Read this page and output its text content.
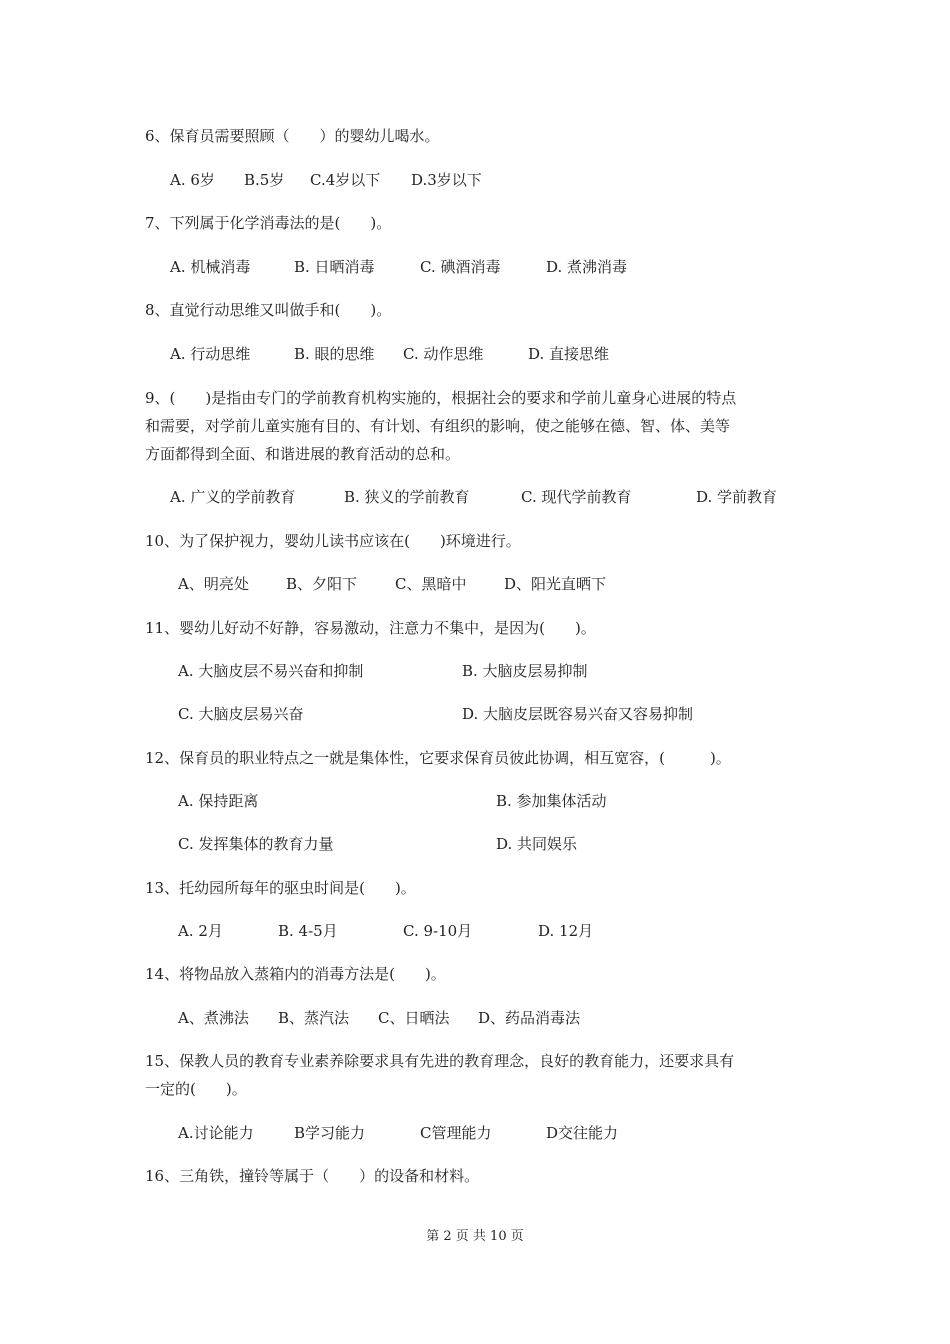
6、保育员需要照顾（　　）的婴幼儿喝水。
A. 6岁 B.5岁 C.4岁以下 D.3岁以下
7、下列属于化学消毒法的是(　　)。
A. 机械消毒	B. 日晒消毒	C. 碘酒消毒	D. 煮沸消毒
8、直觉行动思维又叫做手和(　　)。
A. 行动思维	B. 眼的思维 C. 动作思维	D. 直接思维
9、(　　)是指由专门的学前教育机构实施的，根据社会的要求和学前儿童身心进展的特点
和需要，对学前儿童实施有目的、有计划、有组织的影响，使之能够在德、智、体、美等
方面都得到全面、和谐进展的教育活动的总和。
A. 广义的学前教育	B. 狭义的学前教育	C. 现代学前教育	D. 学前教育
10、为了保护视力，婴幼儿读书应该在(　　)环境进行。
A、明亮处 B、夕阳下	C、黑暗中	D、阳光直晒下
11、婴幼儿好动不好静，容易激动，注意力不集中，是因为(　　)。
A. 大脑皮层不易兴奋和抑制	B. 大脑皮层易抑制
C. 大脑皮层易兴奋	D. 大脑皮层既容易兴奋又容易抑制
12、保育员的职业特点之一就是集体性，它要求保育员彼此协调，相互宽容，(　　　)。
A. 保持距离	B. 参加集体活动
C. 发挥集体的教育力量	D. 共同娱乐
13、托幼园所每年的驱虫时间是(　　)。
A. 2月	B. 4-5月	C. 9-10月	D. 12月
14、将物品放入蒸箱内的消毒方法是(　　)。
A、煮沸法 B、蒸汽法 C、日晒法 D、药品消毒法
15、保教人员的教育专业素养除要求具有先进的教育理念，良好的教育能力，还要求具有
一定的(　　)。
A.讨论能力	B学习能力	C管理能力	D交往能力
16、三角铁，撞铃等属于（　　）的设备和材料。
第 2 页 共 10 页
